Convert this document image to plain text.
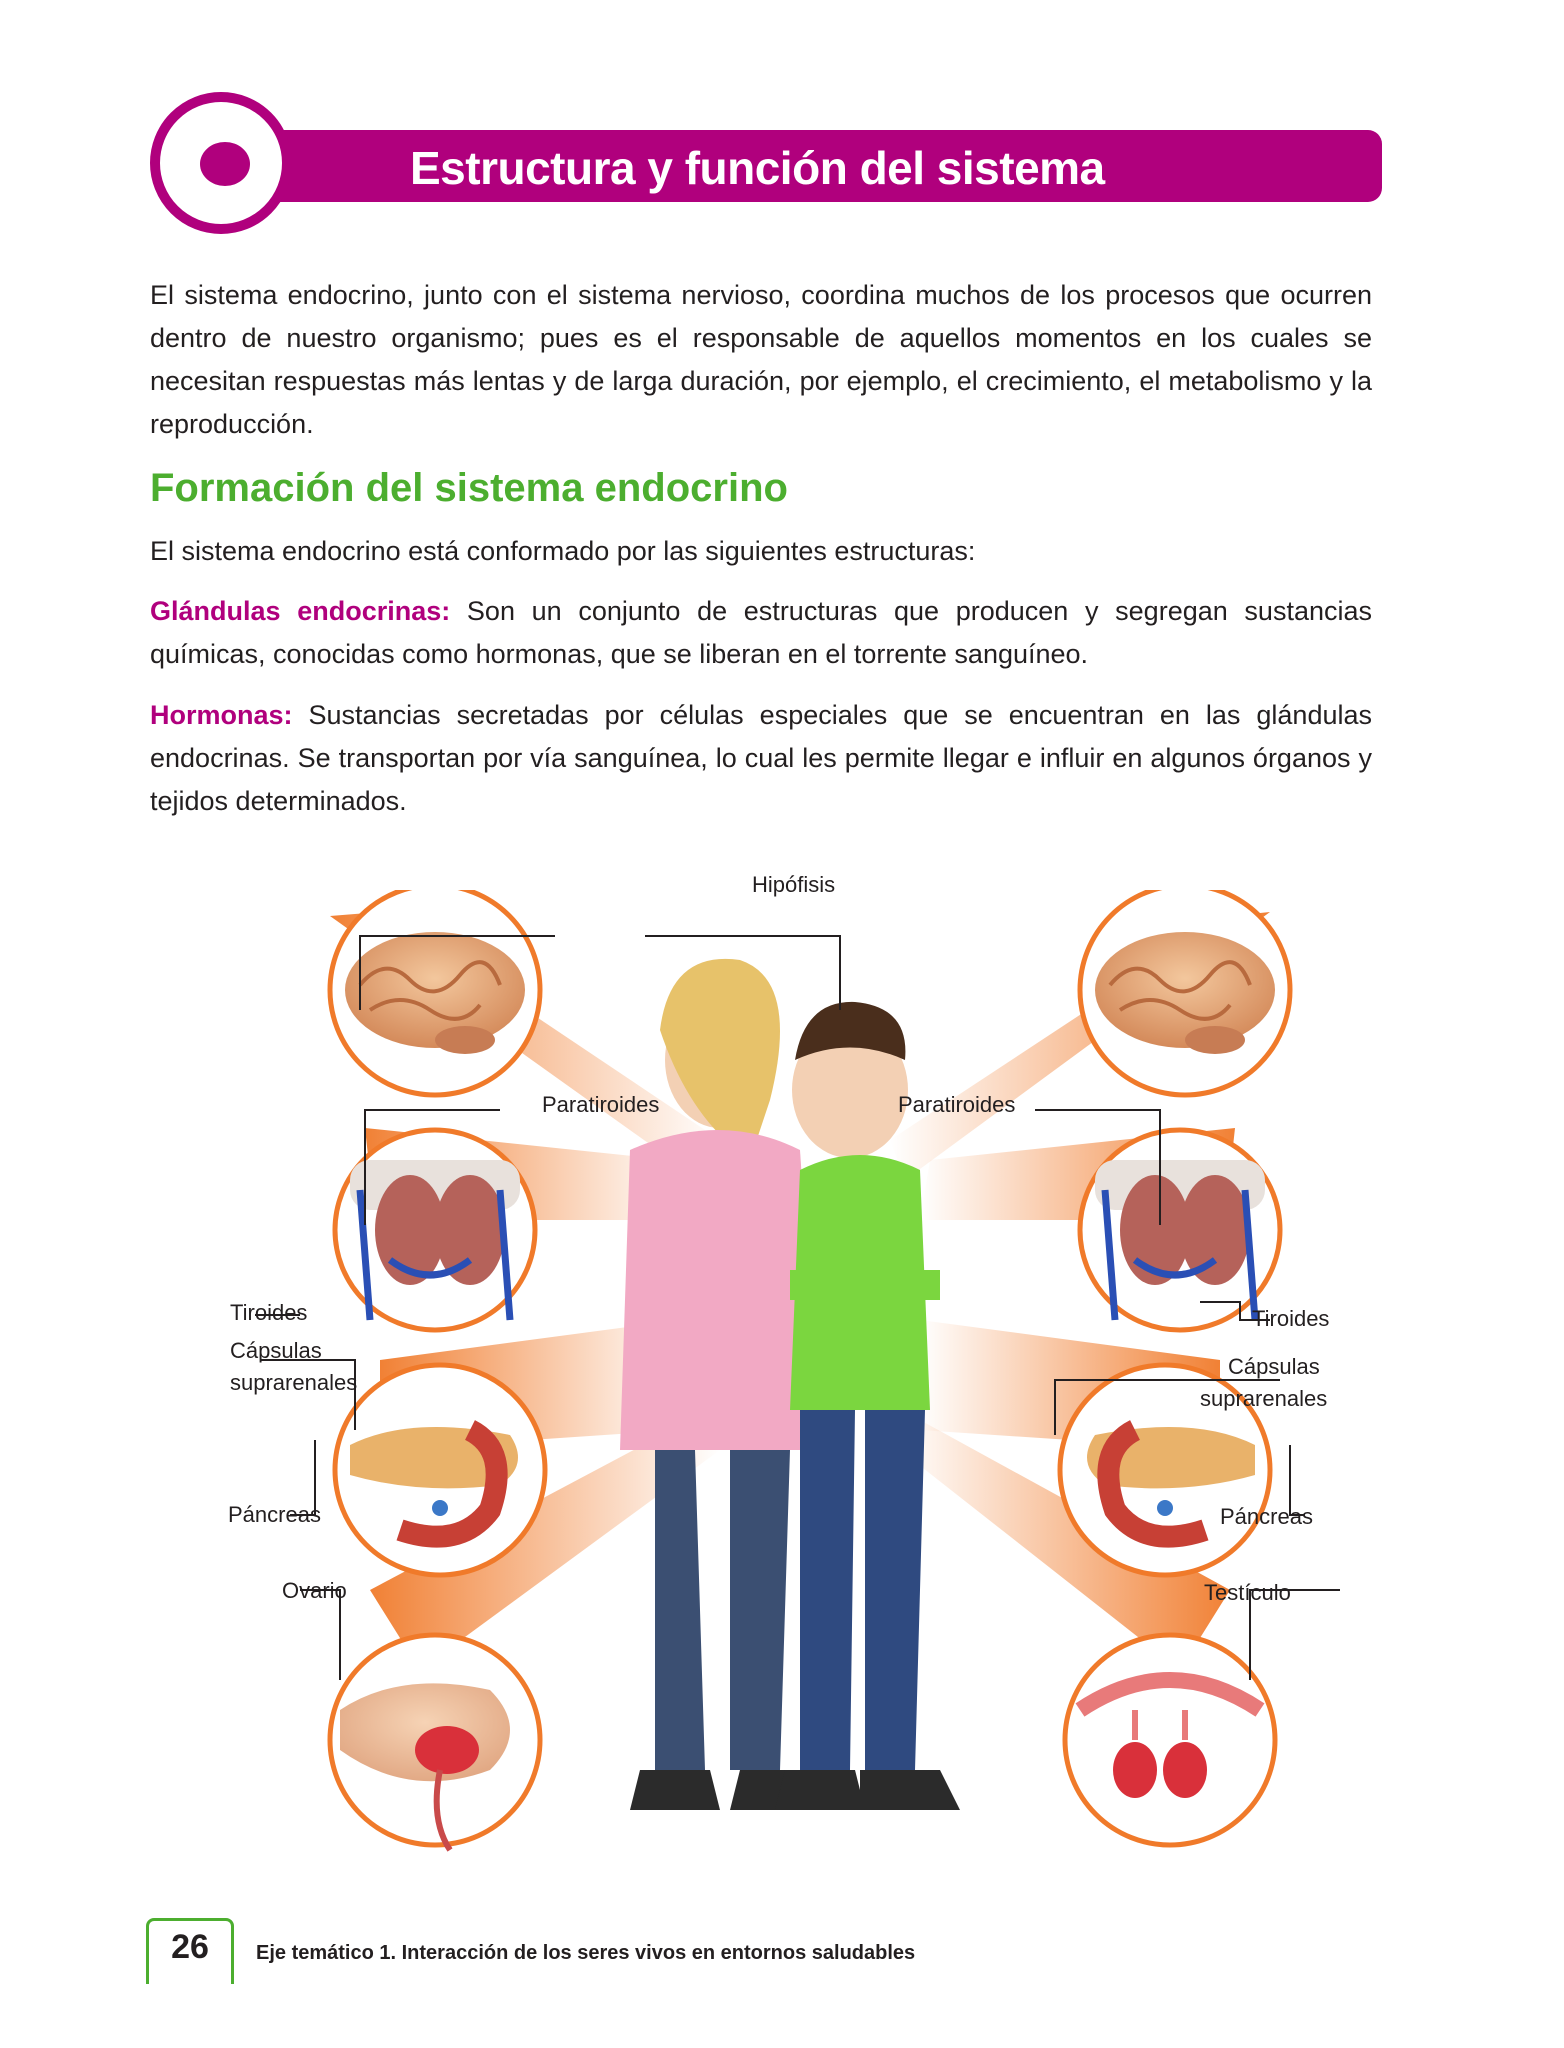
Estructura y función del sistema endocrino
El sistema endocrino, junto con el sistema nervioso, coordina muchos de los procesos que ocurren dentro de nuestro organismo; pues es el responsable de aquellos momentos en los cuales se necesitan respuestas más lentas y de larga duración, por ejemplo, el crecimiento, el metabolismo y la reproducción.
Formación del sistema endocrino
El sistema endocrino está conformado por las siguientes estructuras:
Glándulas endocrinas: Son un conjunto de estructuras que producen y segregan sustancias químicas, conocidas como hormonas, que se liberan en el torrente sanguíneo.
Hormonas: Sustancias secretadas por células especiales que se encuentran en las glándulas endocrinas. Se transportan por vía sanguínea, lo cual les permite llegar e influir en algunos órganos y tejidos determinados.
Hipófisis
Paratiroides	Paratiroides
Tiroides	Tiroides
Cápsulas
suprarenales
Cápsulas
suprarenales
Páncreas	Páncreas
Ovario	Testículo
26	Eje temático 1. Interacción de los seres vivos en entornos saludables
